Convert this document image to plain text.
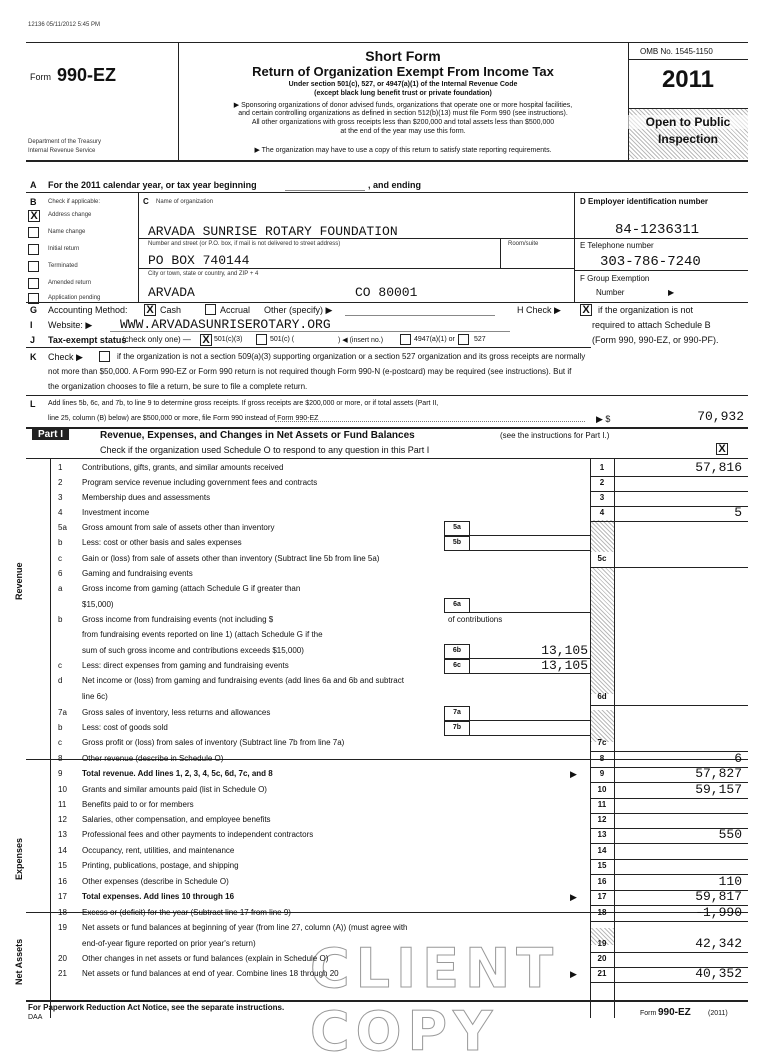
12136 05/11/2012 5:45 PM
Form 990-EZ
Department of the Treasury
Internal Revenue Service
Short Form
Return of Organization Exempt From Income Tax
Under section 501(c), 527, or 4947(a)(1) of the Internal Revenue Code
(except black lung benefit trust or private foundation)
▶ Sponsoring organizations of donor advised funds, organizations that operate one or more hospital facilities,
and certain controlling organizations as defined in section 512(b)(13) must file Form 990 (see instructions).
All other organizations with gross receipts less than $200,000 and total assets less than $500,000
at the end of the year may use this form.
▶ The organization may have to use a copy of this return to satisfy state reporting requirements.
OMB No. 1545-1150
2011
Open to Public
Inspection
A For the 2011 calendar year, or tax year beginning	, and ending
B Check if applicable:
X	Address change
Name change
Initial return
Terminated
Amended return
Application pending
C Name of organization
ARVADA SUNRISE ROTARY FOUNDATION
Number and street (or P.O. box, if mail is not delivered to street address)	Room/suite
PO BOX 740144
City or town, state or country, and ZIP + 4
ARVADA	CO 80001
D Employer identification number
84-1236311
E Telephone number
303-786-7240
F Group Exemption
Number	▶
G Accounting Method: X Cash	Accrual Other (specify) ▶	H Check ▶ X if the organization is not
required to attach Schedule B
(Form 990, 990-EZ, or 990-PF).
I Website: ▶ WWW.ARVADASUNRISEROTARY.ORG
J Tax-exempt status
(check only one) — X 501(c)(3)	501(c) (	) ◀ (insert no.)	4947(a)(1) or	527
K Check ▶	if the organization is not a section 509(a)(3) supporting organization or a section 527 organization and its gross receipts are normally
not more than $50,000. A Form 990-EZ or Form 990 return is not required though Form 990-N (e-postcard) may be required (see instructions). But if
the organization chooses to file a return, be sure to file a complete return.
L Add lines 5b, 6c, and 7b, to line 9 to determine gross receipts. If gross receipts are $200,000 or more, or if total assets (Part II,
line 25, column (B) below) are $500,000 or more, file Form 990 instead of Form 990-EZ	▶ $	70,932
Part I	Revenue, Expenses, and Changes in Net Assets or Fund Balances	(see the instructions for Part I.)
Check if the organization used Schedule O to respond to any question in this Part I	X
Revenue
Expenses
Net Assets	CLIENT COPY
1 Contributions, gifts, grants, and similar amounts received	1	57,816
2 Program service revenue including government fees and contracts	2
3 Membership dues and assessments	3
4 Investment income	4	5
5a Gross amount from sale of assets other than inventory	5a
b Less: cost or other basis and sales expenses	5b
c	Gain or (loss) from sale of assets other than inventory (Subtract line 5b from line 5a)	5c
6 Gaming and fundraising events
a Gross income from gaming (attach Schedule G if greater than
$15,000)	6a
b Gross income from fundraising events (not including $	of contributions
from fundraising events reported on line 1) (attach Schedule G if the
sum of such gross income and contributions exceeds $15,000)	6b	13,105
c	Less: direct expenses from gaming and fundraising events	6c	13,105
d Net income or (loss) from gaming and fundraising events (add lines 6a and 6b and subtract
line 6c)	6d
7a Gross sales of inventory, less returns and allowances	7a
b Less: cost of goods sold	7b
c	Gross profit or (loss) from sales of inventory (Subtract line 7b from line 7a)	7c
8 Other revenue (describe in Schedule O)	8	6
9 Total revenue. Add lines 1, 2, 3, 4, 5c, 6d, 7c, and 8	9	57,827
▶
10 Grants and similar amounts paid (list in Schedule O)	10	59,157
11 Benefits paid to or for members	11
12 Salaries, other compensation, and employee benefits	12
13 Professional fees and other payments to independent contractors	13	550
14 Occupancy, rent, utilities, and maintenance	14
15 Printing, publications, postage, and shipping	15
16 Other expenses (describe in Schedule O)	16	110
17 Total expenses. Add lines 10 through 16	17	59,817
▶
18 Excess or (deficit) for the year (Subtract line 17 from line 9)	18	-1,990
19 Net assets or fund balances at beginning of year (from line 27, column (A)) (must agree with
end-of-year figure reported on prior year's return)	19	42,342
20 Other changes in net assets or fund balances (explain in Schedule O)	20
21 Net assets or fund balances at end of year. Combine lines 18 through 20	21	40,352
▶
For Paperwork Reduction Act Notice, see the separate instructions.
DAA
Form 990-EZ (2011)
